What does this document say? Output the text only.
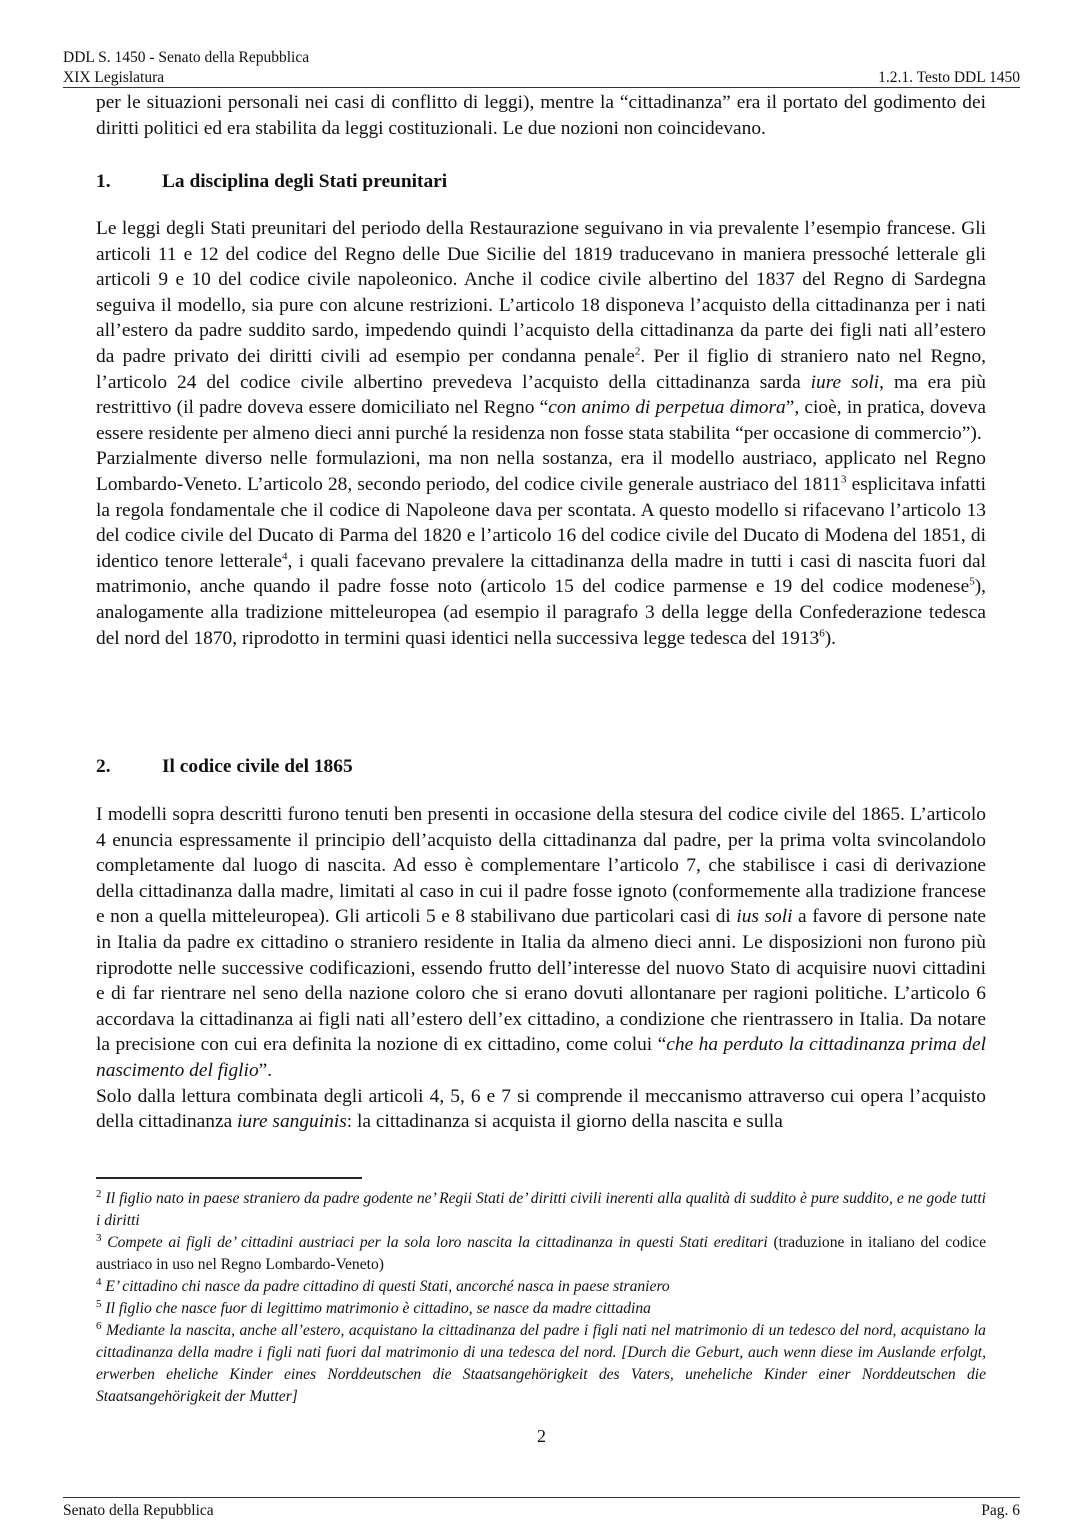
DDL S. 1450 - Senato della Repubblica
XIX Legislatura	1.2.1. Testo DDL 1450

per le situazioni personali nei casi di conflitto di leggi), mentre la “cittadinanza” era il portato del godimento dei diritti politici ed era stabilita da leggi costituzionali. Le due nozioni non coincidevano.

1.	La disciplina degli Stati preunitari

Le leggi degli Stati preunitari del periodo della Restaurazione seguivano in via prevalente l’esempio francese. Gli articoli 11 e 12 del codice del Regno delle Due Sicilie del 1819 traducevano in maniera pressoché letterale gli articoli 9 e 10 del codice civile napoleonico. Anche il codice civile albertino del 1837 del Regno di Sardegna seguiva il modello, sia pure con alcune restrizioni. L’articolo 18 disponeva l’acquisto della cittadinanza per i nati all’estero da padre suddito sardo, impedendo quindi l’acquisto della cittadinanza da parte dei figli nati all’estero da padre privato dei diritti civili ad esempio per condanna penale$^2$. Per il figlio di straniero nato nel Regno, l’articolo 24 del codice civile albertino prevedeva l’acquisto della cittadinanza sarda iure soli, ma era più restrittivo (il padre doveva essere domiciliato nel Regno “con animo di perpetua dimora”, cioè, in pratica, doveva essere residente per almeno dieci anni purché la residenza non fosse stata stabilita “per occasione di commercio”).

Parzialmente diverso nelle formulazioni, ma non nella sostanza, era il modello austriaco, applicato nel Regno Lombardo-Veneto. L’articolo 28, secondo periodo, del codice civile generale austriaco del 1811$^3$ esplicitava infatti la regola fondamentale che il codice di Napoleone dava per scontata. A questo modello si rifacevano l’articolo 13 del codice civile del Ducato di Parma del 1820 e l’articolo 16 del codice civile del Ducato di Modena del 1851, di identico tenore letterale$^4$, i quali facevano prevalere la cittadinanza della madre in tutti i casi di nascita fuori dal matrimonio, anche quando il padre fosse noto (articolo 15 del codice parmense e 19 del codice modenese$^5$), analogamente alla tradizione mitteleuropea (ad esempio il paragrafo 3 della legge della Confederazione tedesca del nord del 1870, riprodotto in termini quasi identici nella successiva legge tedesca del 1913$^6$).

2.	Il codice civile del 1865

I modelli sopra descritti furono tenuti ben presenti in occasione della stesura del codice civile del 1865. L’articolo 4 enuncia espressamente il principio dell’acquisto della cittadinanza dal padre, per la prima volta svincolandolo completamente dal luogo di nascita. Ad esso è complementare l’articolo 7, che stabilisce i casi di derivazione della cittadinanza dalla madre, limitati al caso in cui il padre fosse ignoto (conformemente alla tradizione francese e non a quella mitteleuropea). Gli articoli 5 e 8 stabilivano due particolari casi di ius soli a favore di persone nate in Italia da padre ex cittadino o straniero residente in Italia da almeno dieci anni. Le disposizioni non furono più riprodotte nelle successive codificazioni, essendo frutto dell’interesse del nuovo Stato di acquisire nuovi cittadini e di far rientrare nel seno della nazione coloro che si erano dovuti allontanare per ragioni politiche. L’articolo 6 accordava la cittadinanza ai figli nati all’estero dell’ex cittadino, a condizione che rientrassero in Italia. Da notare la precisione con cui era definita la nozione di ex cittadino, come colui “che ha perduto la cittadinanza prima del nascimento del figlio”.

Solo dalla lettura combinata degli articoli 4, 5, 6 e 7 si comprende il meccanismo attraverso cui opera l’acquisto della cittadinanza iure sanguinis: la cittadinanza si acquista il giorno della nascita e sulla

$^2$ Il figlio nato in paese straniero da padre godente ne’ Regii Stati de’ diritti civili inerenti alla qualità di suddito è pure suddito, e ne gode tutti i diritti

$^3$ Compete ai figli de’ cittadini austriaci per la sola loro nascita la cittadinanza in questi Stati ereditari (traduzione in italiano del codice austriaco in uso nel Regno Lombardo-Veneto)

$^4$ E’ cittadino chi nasce da padre cittadino di questi Stati, ancorché nasca in paese straniero

$^5$ Il figlio che nasce fuor di legittimo matrimonio è cittadino, se nasce da madre cittadina

$^6$ Mediante la nascita, anche all’estero, acquistano la cittadinanza del padre i figli nati nel matrimonio di un tedesco del nord, acquistano la cittadinanza della madre i figli nati fuori dal matrimonio di una tedesca del nord. [Durch die Geburt, auch wenn diese im Auslande erfolgt, erwerben eheliche Kinder eines Norddeutschen die Staatsangehörigkeit des Vaters, uneheliche Kinder einer Norddeutschen die Staatsangehörigkeit der Mutter]

2
Senato della Repubblica	Pag. 6
